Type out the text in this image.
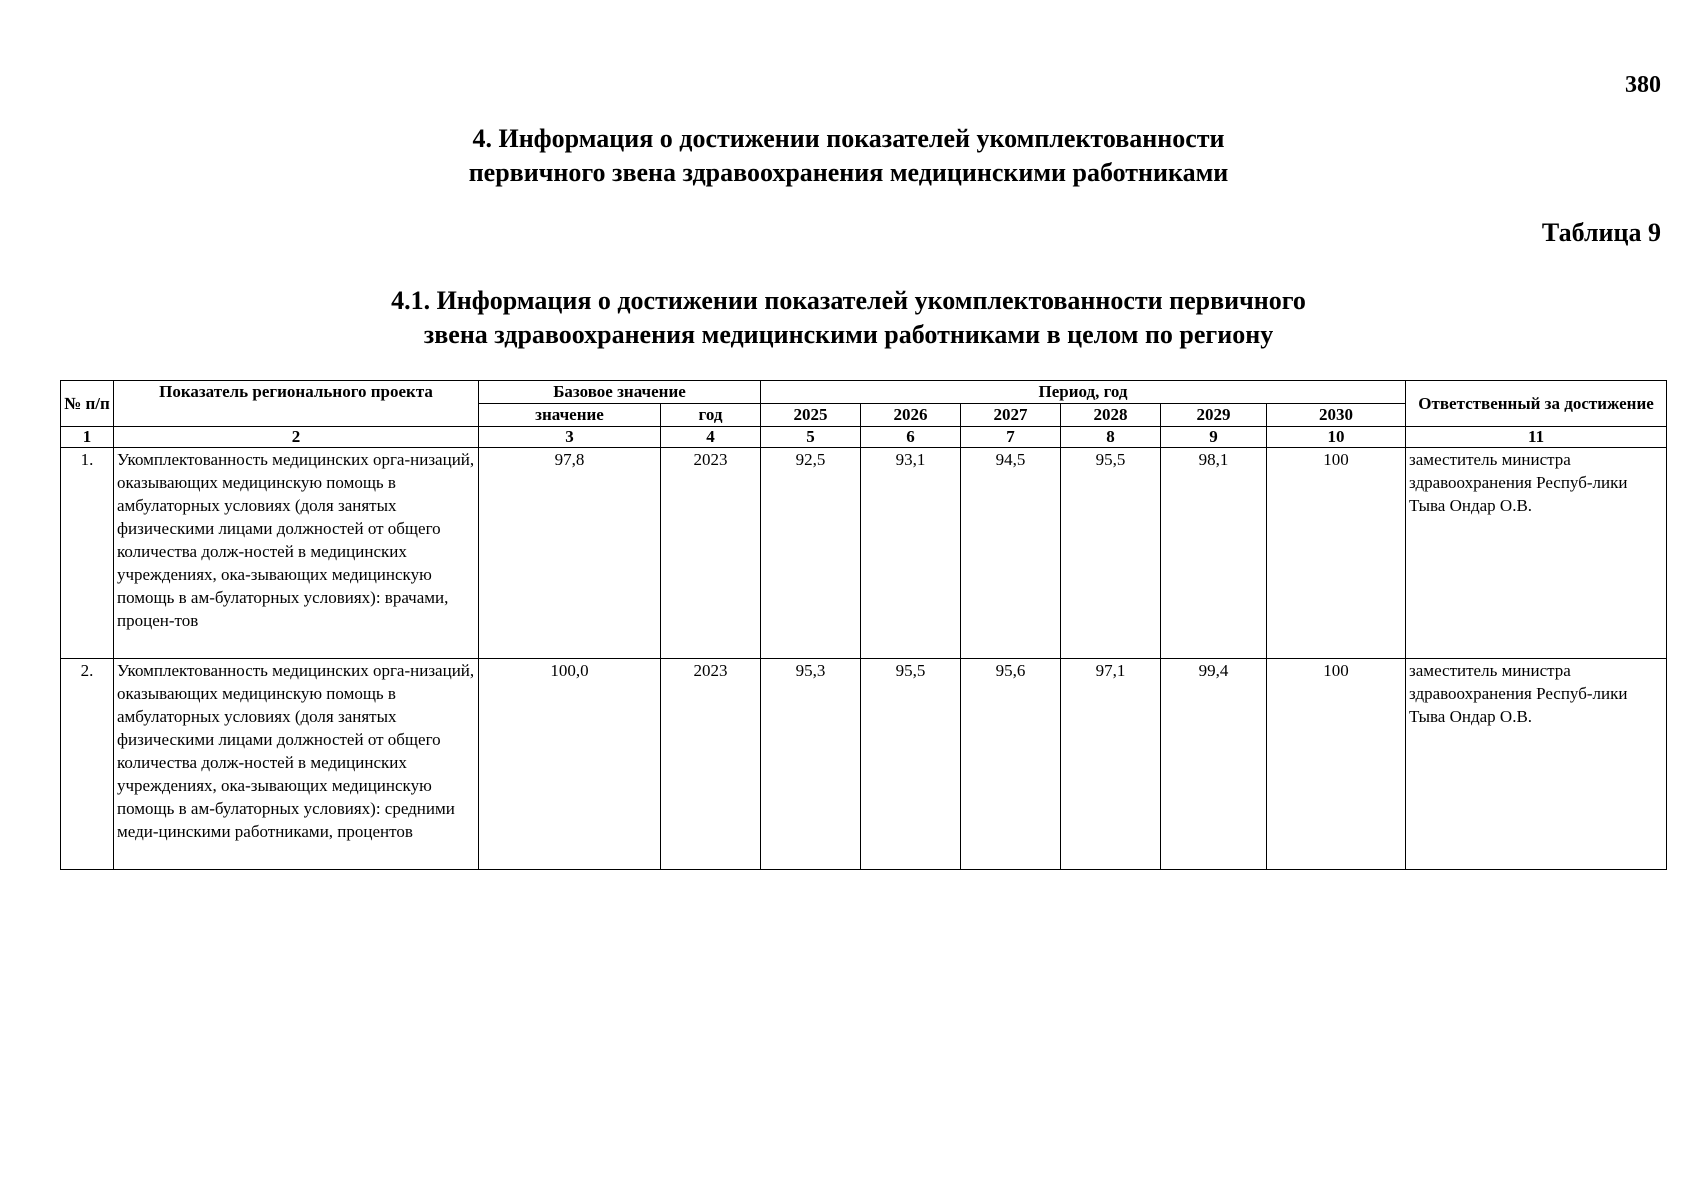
380
4. Информация о достижении показателей укомплектованности
первичного звена здравоохранения медицинскими работниками
Таблица 9
4.1. Информация о достижении показателей укомплектованности первичного
звена здравоохранения медицинскими работниками в целом по региону
№ п/п	Показатель регионального проекта	Базовое значение		Период, год						Ответственный за достижение
		значение	год	2025	2026	2027	2028	2029	2030	
1	2	3	4	5	6	7	8	9	10	11
1.	Укомплектованность медицинских орга-низаций, оказывающих медицинскую помощь в амбулаторных условиях (доля занятых физическими лицами должностей от общего количества долж-ностей в медицинских учреждениях, ока-зывающих медицинскую помощь в ам-булаторных условиях): врачами, процен-тов	97,8	2023	92,5	93,1	94,5	95,5	98,1	100	заместитель министра здравоохранения Респуб-лики Тыва Ондар О.В.
2.	Укомплектованность медицинских орга-низаций, оказывающих медицинскую помощь в амбулаторных условиях (доля занятых физическими лицами должностей от общего количества долж-ностей в медицинских учреждениях, ока-зывающих медицинскую помощь в ам-булаторных условиях): средними меди-цинскими работниками, процентов	100,0	2023	95,3	95,5	95,6	97,1	99,4	100	заместитель министра здравоохранения Респуб-лики Тыва Ондар О.В.
